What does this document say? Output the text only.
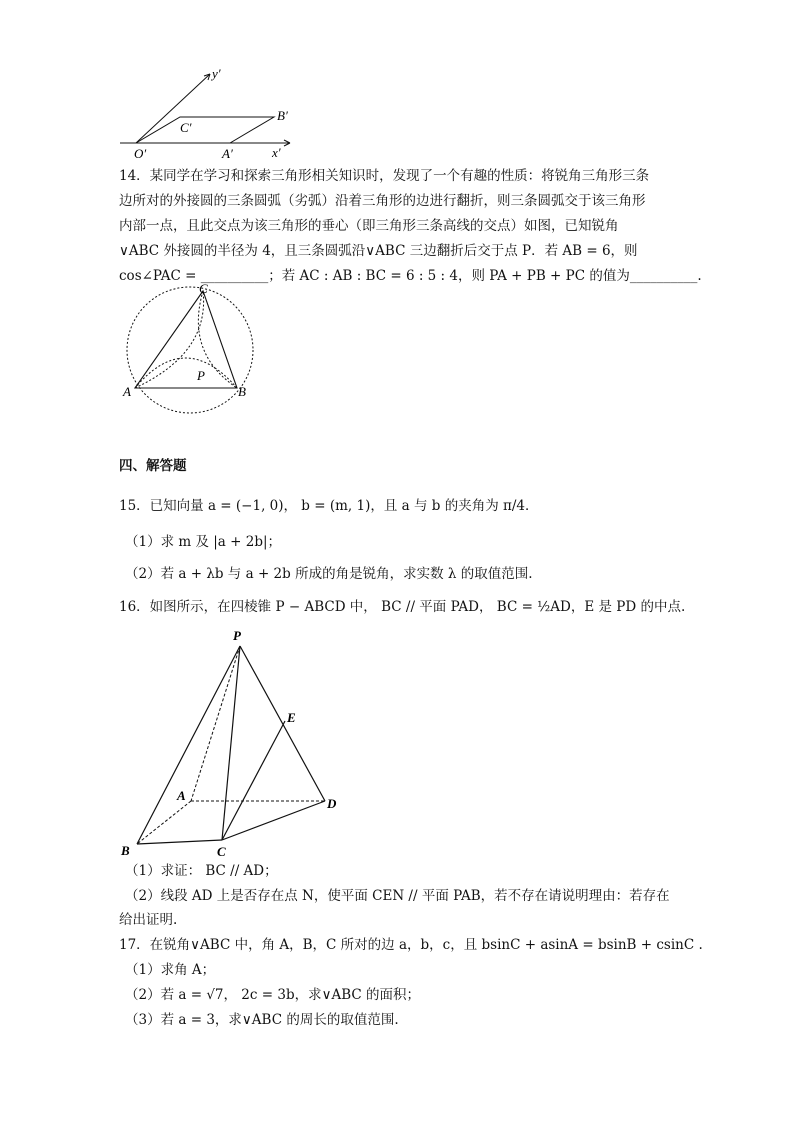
O′	A′
B′
C′
x′
y′
14．某同学在学习和探索三角形相关知识时，发现了一个有趣的性质：将锐角三角形三条
边所对的外接圆的三条圆弧（劣弧）沿着三角形的边进行翻折，则三条圆弧交于该三角形
内部一点，且此交点为该三角形的垂心（即三角形三条高线的交点）如图，已知锐角
∨ABC 外接圆的半径为 4，且三条圆弧沿∨ABC 三边翻折后交于点 P．若 AB = 6，则
cos∠PAC = __________；若 AC : AB : BC = 6 : 5 : 4，则 PA + PB + PC 的值为__________.
A	B
C
P
四、解答题
15．已知向量 a = (−1, 0)， b = (m, 1)，且 a 与 b 的夹角为 π/4．
（1）求 m 及 |a + 2b|；
（2）若 a + λb 与 a + 2b 所成的角是锐角，求实数 λ 的取值范围.
16．如图所示，在四棱锥 P − ABCD 中， BC // 平面 PAD， BC = ½AD，E 是 PD 的中点.
P
A
B	C
D
E
（1）求证： BC // AD；
（2）线段 AD 上是否存在点 N，使平面 CEN // 平面 PAB，若不存在请说明理由：若存在
给出证明.
17．在锐角∨ABC 中，角 A，B，C 所对的边 a，b，c，且 bsinC + asinA = bsinB + csinC .
（1）求角 A；
（2）若 a = √7， 2c = 3b，求∨ABC 的面积；
（3）若 a = 3，求∨ABC 的周长的取值范围.
